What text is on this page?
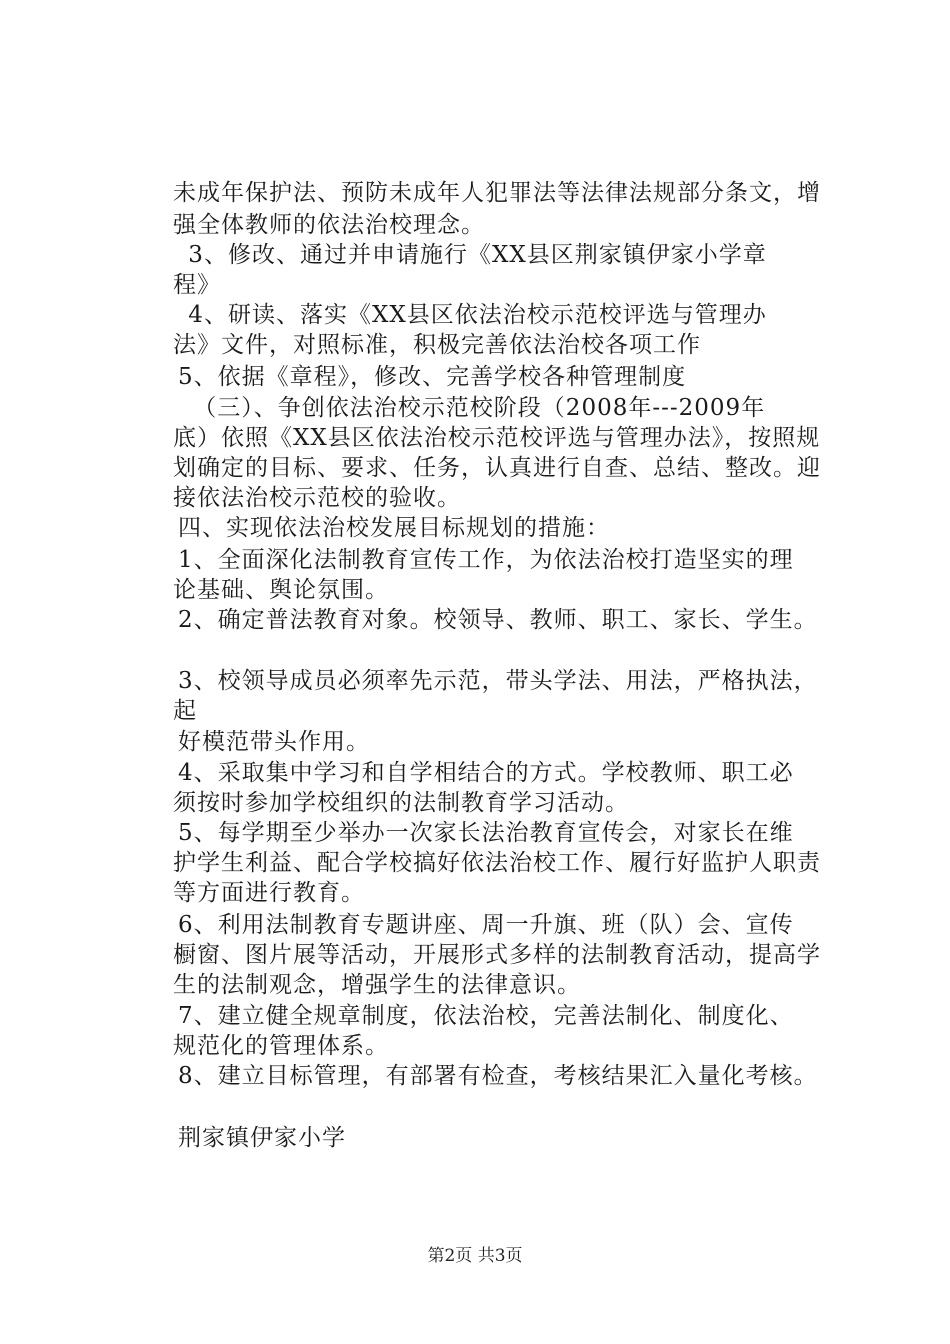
未成年保护法、预防未成年人犯罪法等法律法规部分条文，增
强全体教师的依法治校理念。
3、修改、通过并申请施行《XX县区荆家镇伊家小学章
程》
4、研读、落实《XX县区依法治校示范校评选与管理办
法》文件，对照标准，积极完善依法治校各项工作
5、依据《章程》，修改、完善学校各种管理制度
（三）、争创依法治校示范校阶段（2008年---2009年
底）依照《XX县区依法治校示范校评选与管理办法》，按照规
划确定的目标、要求、任务，认真进行自查、总结、整改。迎
接依法治校示范校的验收。
四、实现依法治校发展目标规划的措施：
1、全面深化法制教育宣传工作，为依法治校打造坚实的理
论基础、舆论氛围。
2、确定普法教育对象。校领导、教师、职工、家长、学生。
3、校领导成员必须率先示范，带头学法、用法，严格执法，
起
好模范带头作用。
4、采取集中学习和自学相结合的方式。学校教师、职工必
须按时参加学校组织的法制教育学习活动。
5、每学期至少举办一次家长法治教育宣传会，对家长在维
护学生利益、配合学校搞好依法治校工作、履行好监护人职责
等方面进行教育。
6、利用法制教育专题讲座、周一升旗、班（队）会、宣传
橱窗、图片展等活动，开展形式多样的法制教育活动，提高学
生的法制观念，增强学生的法律意识。
7、建立健全规章制度，依法治校，完善法制化、制度化、
规范化的管理体系。
8、建立目标管理，有部署有检查，考核结果汇入量化考核。
荆家镇伊家小学
第2页 共3页
